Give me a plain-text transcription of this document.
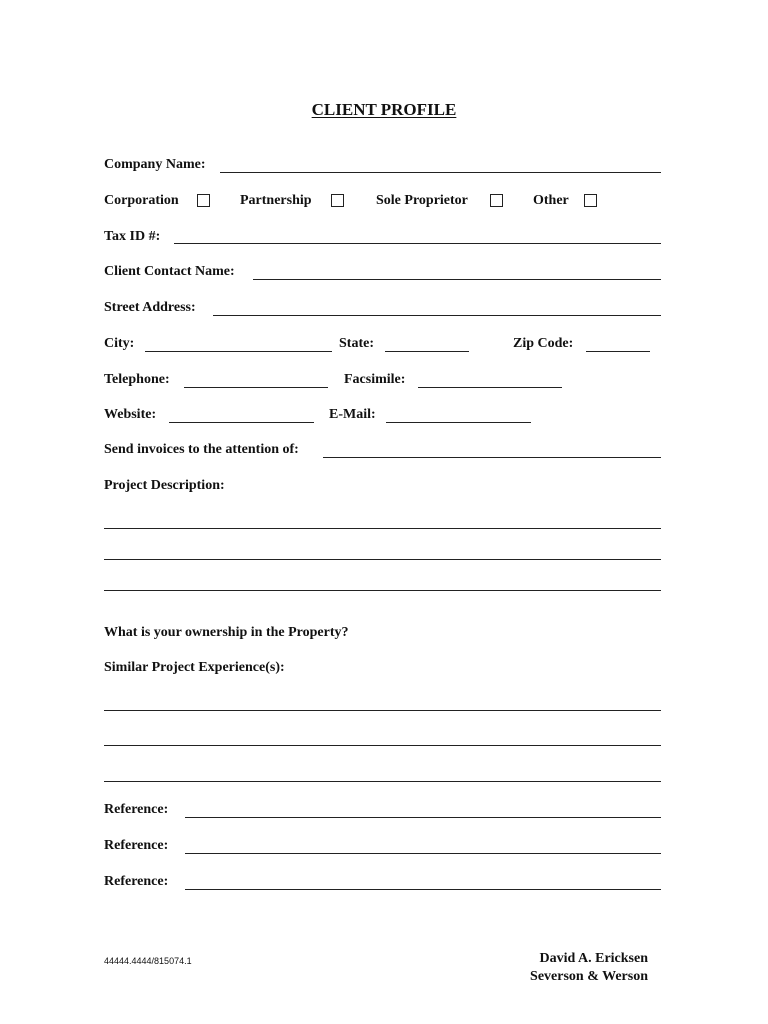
CLIENT PROFILE
Company Name:
Corporation	Partnership	Sole Proprietor	Other
Tax ID #:
Client Contact Name:
Street Address:
City:	State:	Zip Code:
Telephone:	Facsimile:
Website:	E-Mail:
Send invoices to the attention of:
Project Description:
What is your ownership in the Property?
Similar Project Experience(s):
Reference:
Reference:
Reference:
44444.4444/815074.1	David A. Ericksen
Severson & Werson
